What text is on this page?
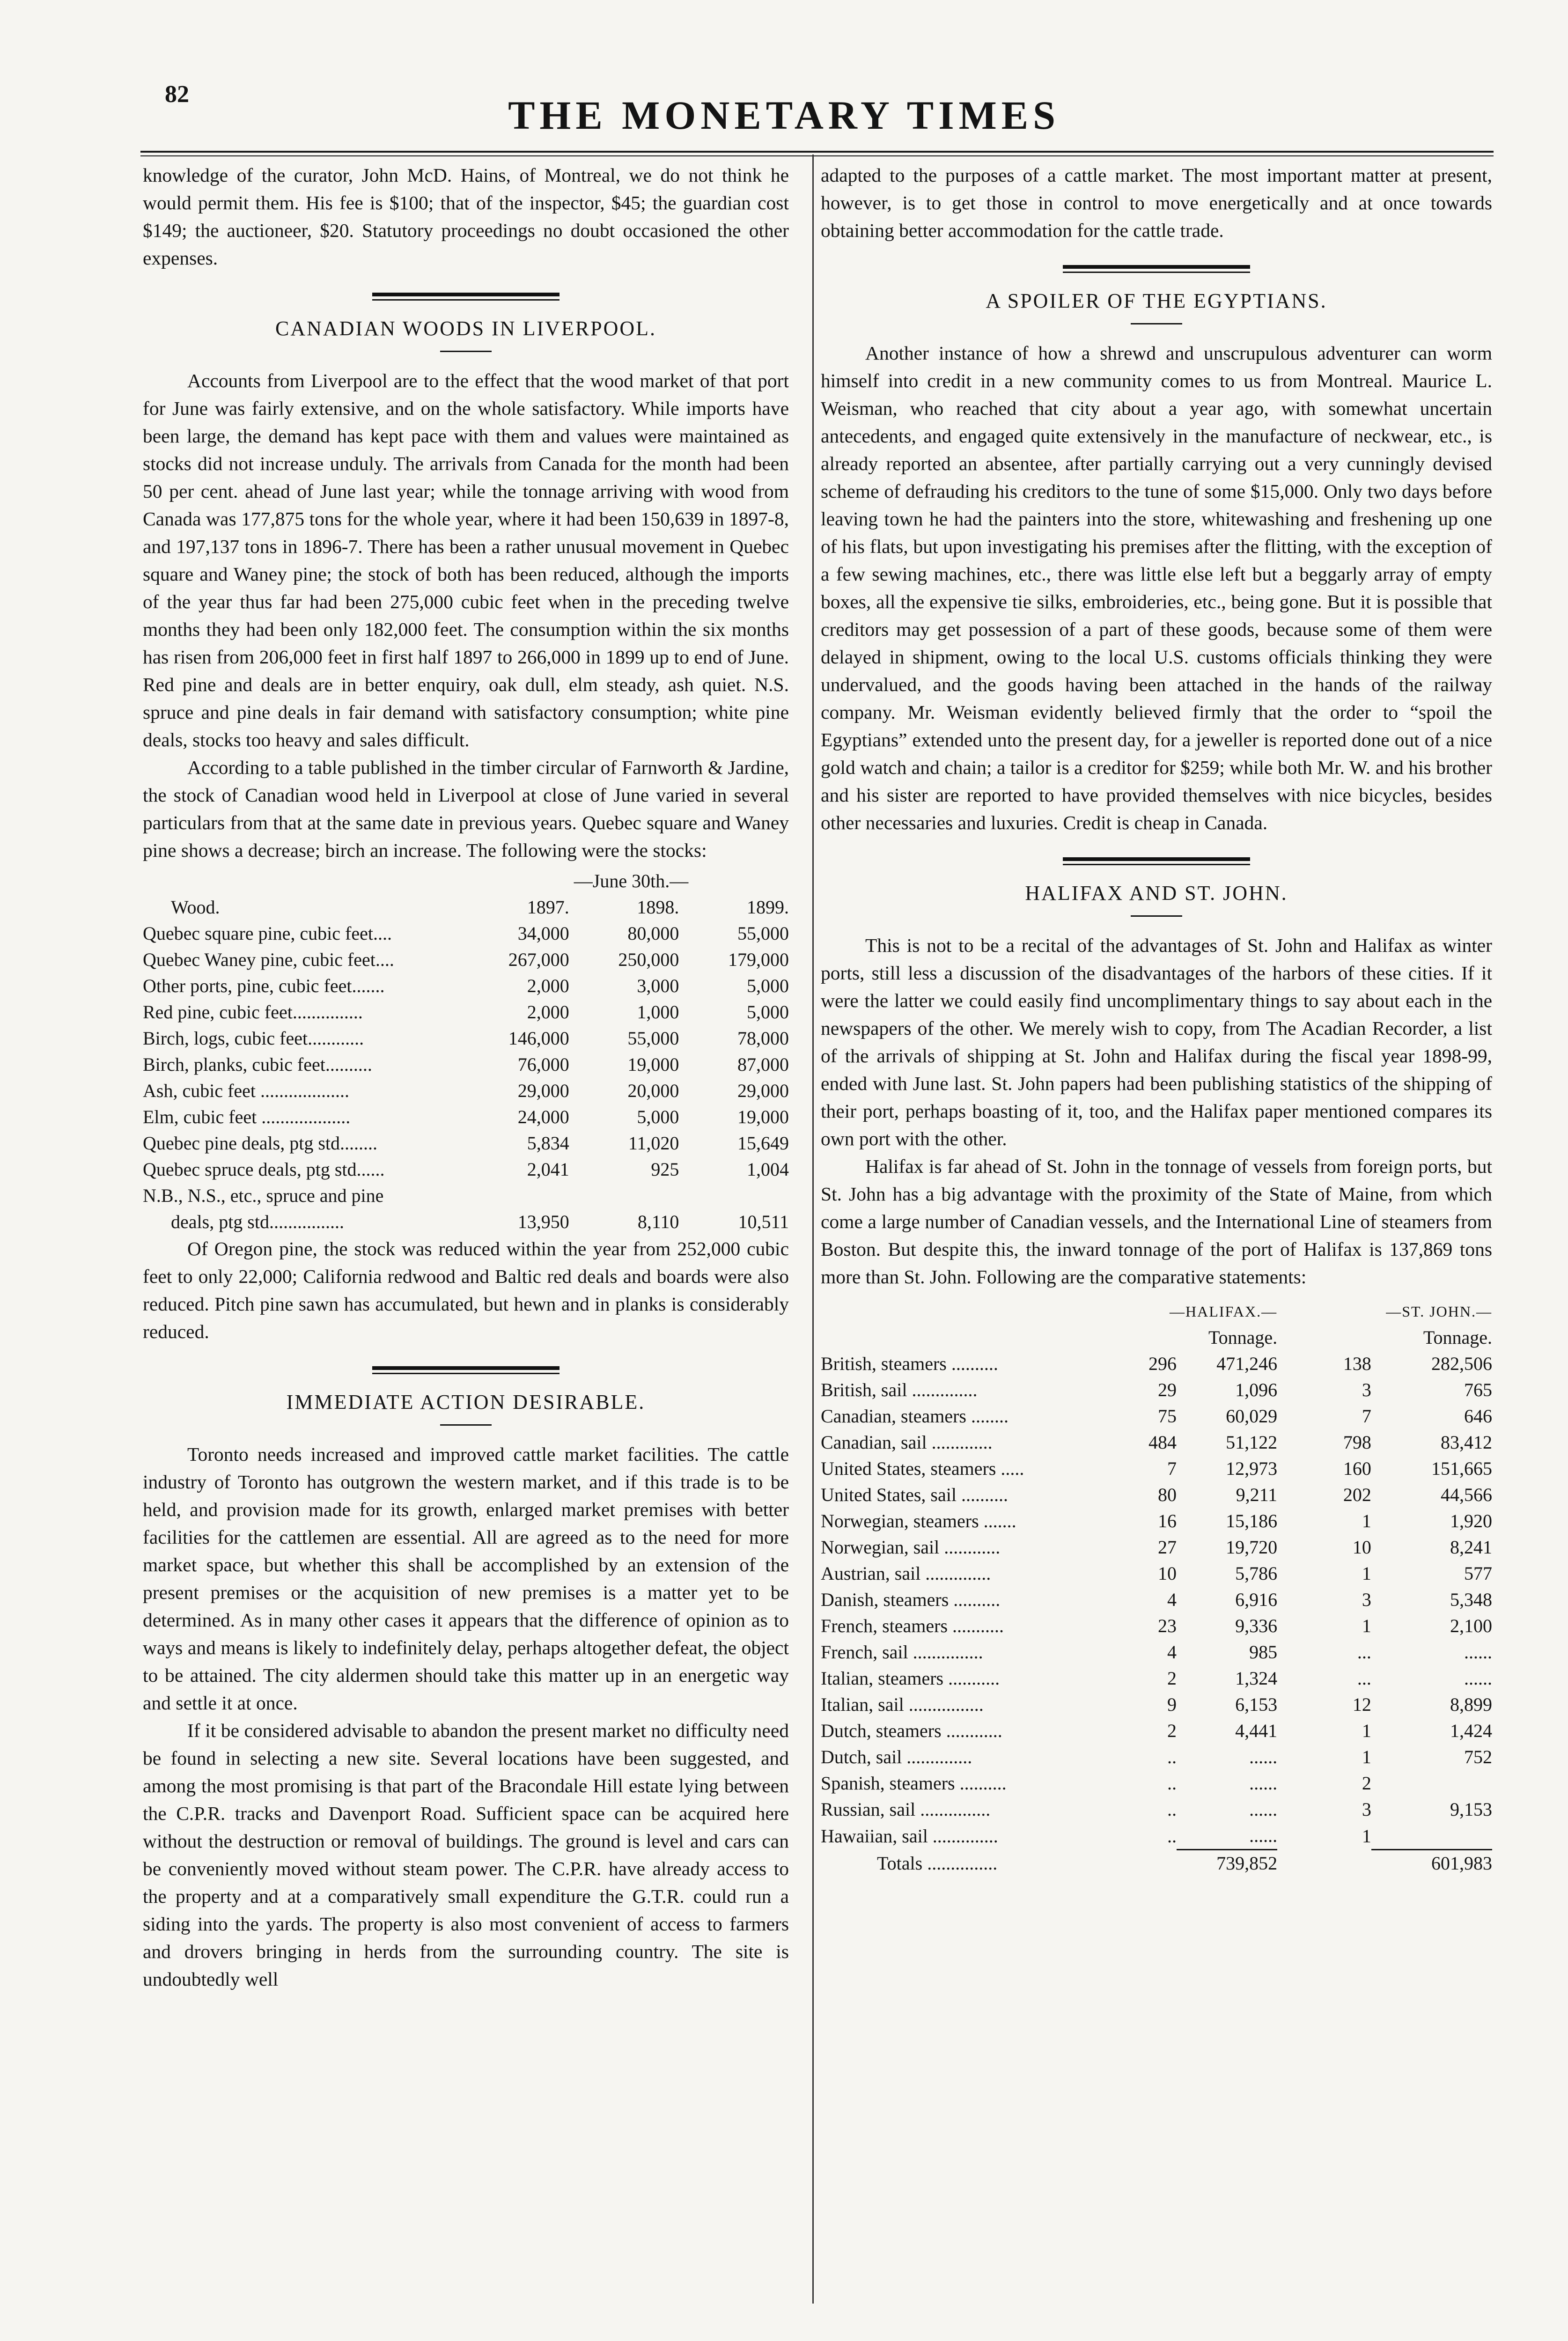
82	THE MONETARY TIMES

knowledge of the curator, John McD. Hains, of Montreal, we do not think he would permit them. His fee is $100; that of the inspector, $45; the guardian cost $149; the auctioneer, $20. Statutory proceedings no doubt occasioned the other expenses.

CANADIAN WOODS IN LIVERPOOL.

Accounts from Liverpool are to the effect that the wood market of that port for June was fairly extensive, and on the whole satisfactory. While imports have been large, the demand has kept pace with them and values were maintained as stocks did not increase unduly. The arrivals from Canada for the month had been 50 per cent. ahead of June last year; while the tonnage arriving with wood from Canada was 177,875 tons for the whole year, where it had been 150,639 in 1897-8, and 197,137 tons in 1896-7. There has been a rather unusual movement in Quebec square and Waney pine; the stock of both has been reduced, although the imports of the year thus far had been 275,000 cubic feet when in the preceding twelve months they had been only 182,000 feet. The consumption within the six months has risen from 206,000 feet in first half 1897 to 266,000 in 1899 up to end of June. Red pine and deals are in better enquiry, oak dull, elm steady, ash quiet. N.S. spruce and pine deals in fair demand with satisfactory consumption; white pine deals, stocks too heavy and sales difficult.

According to a table published in the timber circular of Farnworth & Jardine, the stock of Canadian wood held in Liverpool at close of June varied in several particulars from that at the same date in previous years. Quebec square and Waney pine shows a decrease; birch an increase. The following were the stocks:

		—June 30th.—	
Wood.	1897.	1898.	1899.
Quebec square pine, cubic feet....	34,000	80,000	55,000
Quebec Waney pine, cubic feet....	267,000	250,000	179,000
Other ports, pine, cubic feet.......	2,000	3,000	5,000
Red pine, cubic feet...............	2,000	1,000	5,000
Birch, logs, cubic feet............	146,000	55,000	78,000
Birch, planks, cubic feet..........	76,000	19,000	87,000
Ash, cubic feet ...................	29,000	20,000	29,000
Elm, cubic feet ...................	24,000	5,000	19,000
Quebec pine deals, ptg std........	5,834	11,020	15,649
Quebec spruce deals, ptg std......	2,041	925	1,004
N.B., N.S., etc., spruce and pine			
deals, ptg std................	13,950	8,110	10,511

Of Oregon pine, the stock was reduced within the year from 252,000 cubic feet to only 22,000; California redwood and Baltic red deals and boards were also reduced. Pitch pine sawn has accumulated, but hewn and in planks is considerably reduced.

IMMEDIATE ACTION DESIRABLE.

Toronto needs increased and improved cattle market facilities. The cattle industry of Toronto has outgrown the western market, and if this trade is to be held, and provision made for its growth, enlarged market premises with better facilities for the cattlemen are essential. All are agreed as to the need for more market space, but whether this shall be accomplished by an extension of the present premises or the acquisition of new premises is a matter yet to be determined. As in many other cases it appears that the difference of opinion as to ways and means is likely to indefinitely delay, perhaps altogether defeat, the object to be attained. The city aldermen should take this matter up in an energetic way and settle it at once.

If it be considered advisable to abandon the present market no difficulty need be found in selecting a new site. Several locations have been suggested, and among the most promising is that part of the Bracondale Hill estate lying between the C.P.R. tracks and Davenport Road. Sufficient space can be acquired here without the destruction or removal of buildings. The ground is level and cars can be conveniently moved without steam power. The C.P.R. have already access to the property and at a comparatively small expenditure the G.T.R. could run a siding into the yards. The property is also most convenient of access to farmers and drovers bringing in herds from the surrounding country. The site is undoubtedly well

adapted to the purposes of a cattle market. The most important matter at present, however, is to get those in control to move energetically and at once towards obtaining better accommodation for the cattle trade.

A SPOILER OF THE EGYPTIANS.

Another instance of how a shrewd and unscrupulous adventurer can worm himself into credit in a new community comes to us from Montreal. Maurice L. Weisman, who reached that city about a year ago, with somewhat uncertain antecedents, and engaged quite extensively in the manufacture of neckwear, etc., is already reported an absentee, after partially carrying out a very cunningly devised scheme of defrauding his creditors to the tune of some $15,000. Only two days before leaving town he had the painters into the store, whitewashing and freshening up one of his flats, but upon investigating his premises after the flitting, with the exception of a few sewing machines, etc., there was little else left but a beggarly array of empty boxes, all the expensive tie silks, embroideries, etc., being gone. But it is possible that creditors may get possession of a part of these goods, because some of them were delayed in shipment, owing to the local U.S. customs officials thinking they were undervalued, and the goods having been attached in the hands of the railway company. Mr. Weisman evidently believed firmly that the order to “spoil the Egyptians” extended unto the present day, for a jeweller is reported done out of a nice gold watch and chain; a tailor is a creditor for $259; while both Mr. W. and his brother and his sister are reported to have provided themselves with nice bicycles, besides other necessaries and luxuries. Credit is cheap in Canada.

HALIFAX AND ST. JOHN.

This is not to be a recital of the advantages of St. John and Halifax as winter ports, still less a discussion of the disadvantages of the harbors of these cities. If it were the latter we could easily find uncomplimentary things to say about each in the newspapers of the other. We merely wish to copy, from The Acadian Recorder, a list of the arrivals of shipping at St. John and Halifax during the fiscal year 1898-99, ended with June last. St. John papers had been publishing statistics of the shipping of their port, perhaps boasting of it, too, and the Halifax paper mentioned compares its own port with the other.

Halifax is far ahead of St. John in the tonnage of vessels from foreign ports, but St. John has a big advantage with the proximity of the State of Maine, from which come a large number of Canadian vessels, and the International Line of steamers from Boston. But despite this, the inward tonnage of the port of Halifax is 137,869 tons more than St. John. Following are the comparative statements:

	—HALIFAX.—		—ST. JOHN.—	
		Tonnage.		Tonnage.
British, steamers ..........	296	471,246	138	282,506
British, sail ..............	29	1,096	3	765
Canadian, steamers ........	75	60,029	7	646
Canadian, sail .............	484	51,122	798	83,412
United States, steamers .....	7	12,973	160	151,665
United States, sail ..........	80	9,211	202	44,566
Norwegian, steamers .......	16	15,186	1	1,920
Norwegian, sail ............	27	19,720	10	8,241
Austrian, sail ..............	10	5,786	1	577
Danish, steamers ..........	4	6,916	3	5,348
French, steamers ...........	23	9,336	1	2,100
French, sail ...............	4	985	...	......
Italian, steamers ...........	2	1,324	...	......
Italian, sail ................	9	6,153	12	8,899
Dutch, steamers ............	2	4,441	1	1,424
Dutch, sail ..............	..	......	1	752
Spanish, steamers ..........	..	......	2	
Russian, sail ...............	..	......	3	9,153
Hawaiian, sail ..............	..	......	1	

Totals ...............		739,852		601,983
